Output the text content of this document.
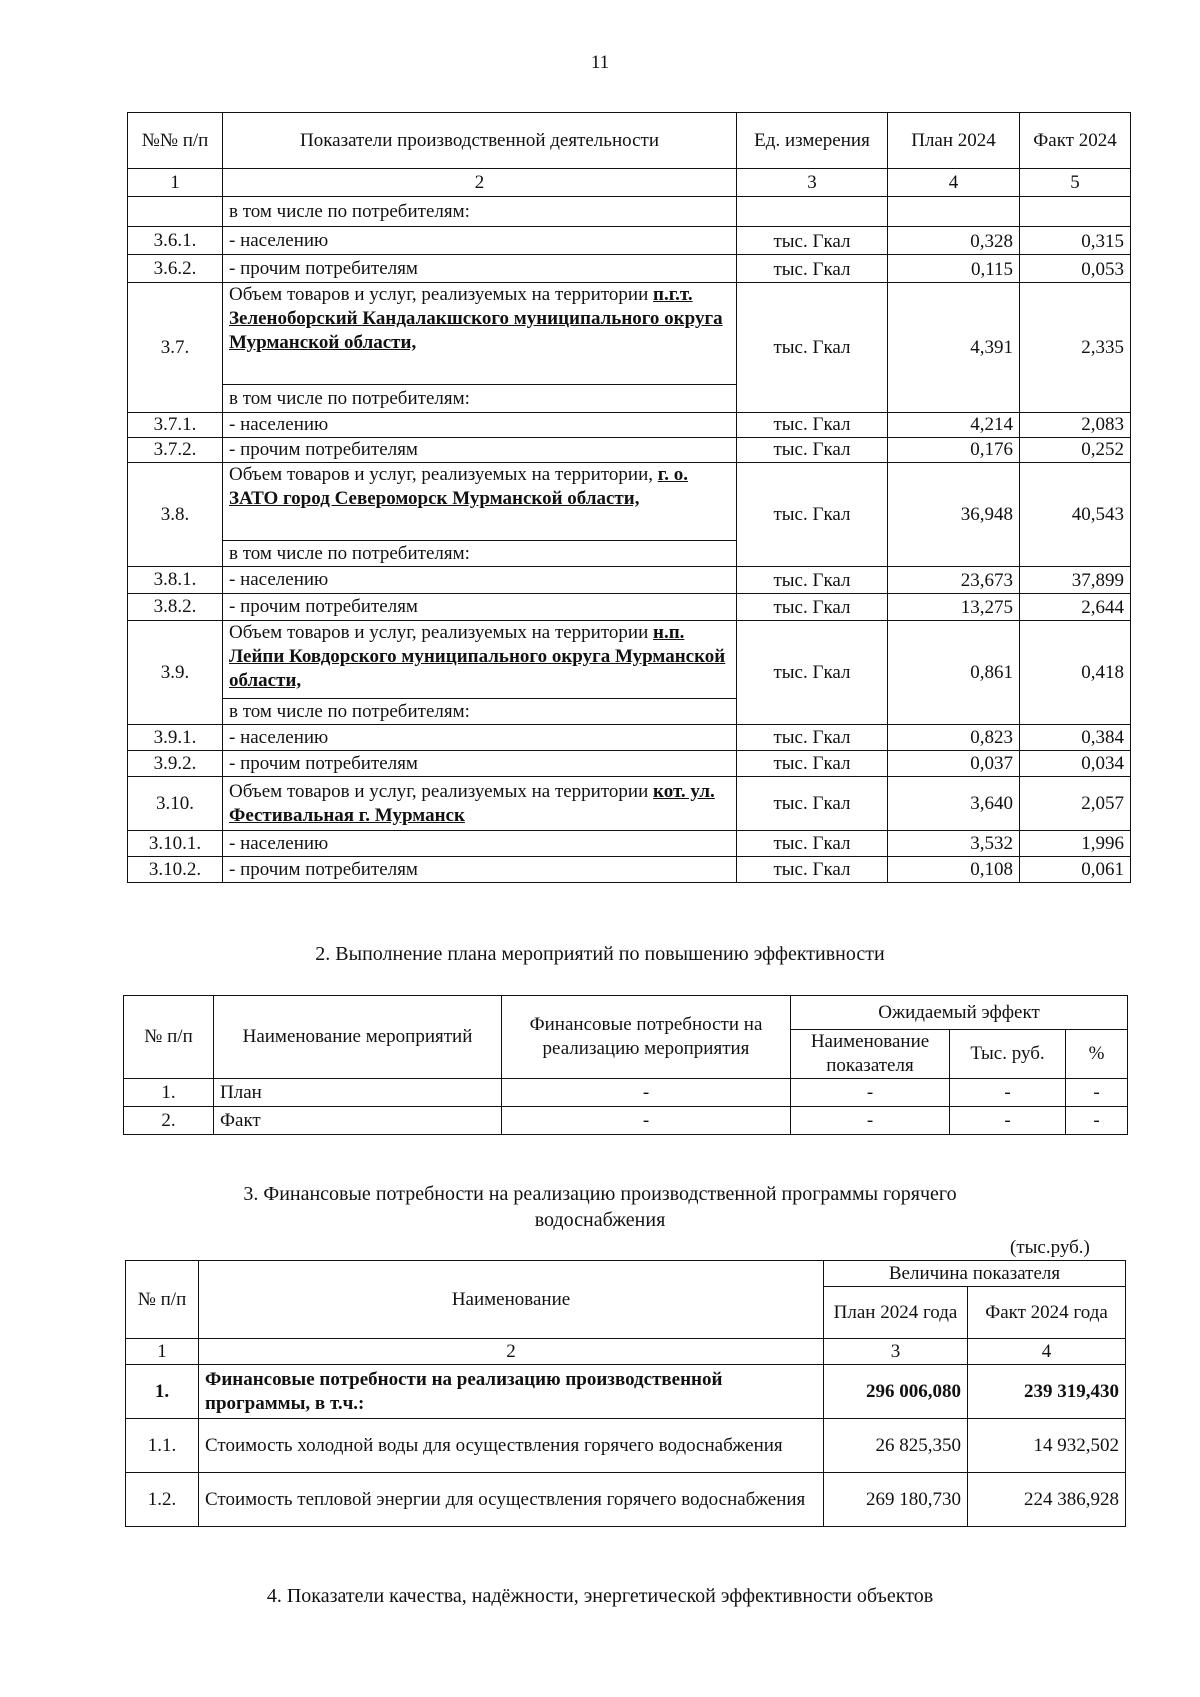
11
№№ п/п	Показатели производственной деятельности	Ед. измерения	План 2024	Факт 2024
1	2	3	4	5
	в том числе по потребителям:			
3.6.1.	- населению	тыс. Гкал	0,328	0,315
3.6.2.	- прочим потребителям	тыс. Гкал	0,115	0,053
3.7.	Объем товаров и услуг, реализуемых на территории п.г.т. Зеленоборский Кандалакшского муниципального округа Мурманской области,	тыс. Гкал	4,391	2,335
	в том числе по потребителям:			
3.7.1.	- населению	тыс. Гкал	4,214	2,083
3.7.2.	- прочим потребителям	тыс. Гкал	0,176	0,252
3.8.	Объем товаров и услуг, реализуемых на территории, г. о. ЗАТО город Североморск Мурманской области,	тыс. Гкал	36,948	40,543
	в том числе по потребителям:			
3.8.1.	- населению	тыс. Гкал	23,673	37,899
3.8.2.	- прочим потребителям	тыс. Гкал	13,275	2,644
3.9.	Объем товаров и услуг, реализуемых на территории н.п. Лейпи Ковдорского муниципального округа Мурманской области,	тыс. Гкал	0,861	0,418
	в том числе по потребителям:			
3.9.1.	- населению	тыс. Гкал	0,823	0,384
3.9.2.	- прочим потребителям	тыс. Гкал	0,037	0,034
3.10.	Объем товаров и услуг, реализуемых на территории кот. ул. Фестивальная г. Мурманск	тыс. Гкал	3,640	2,057
3.10.1.	- населению	тыс. Гкал	3,532	1,996
3.10.2.	- прочим потребителям	тыс. Гкал	0,108	0,061
2. Выполнение плана мероприятий по повышению эффективности
№ п/п	Наименование мероприятий	Финансовые потребности на реализацию мероприятия	Ожидаемый эффект		
			Наименование показателя	Тыс. руб.	%
1.	План	-	-	-	-
2.	Факт	-	-	-	-
3. Финансовые потребности на реализацию производственной программы горячего
водоснабжения
(тыс.руб.)
№ п/п	Наименование	Величина показателя	
		План 2024 года	Факт 2024 года
1	2	3	4
1.	Финансовые потребности на реализацию производственной программы, в т.ч.:	296 006,080	239 319,430
1.1.	Стоимость холодной воды для осуществления горячего водоснабжения	26 825,350	14 932,502
1.2.	Стоимость тепловой энергии для осуществления горячего водоснабжения	269 180,730	224 386,928
4. Показатели качества, надёжности, энергетической эффективности объектов
